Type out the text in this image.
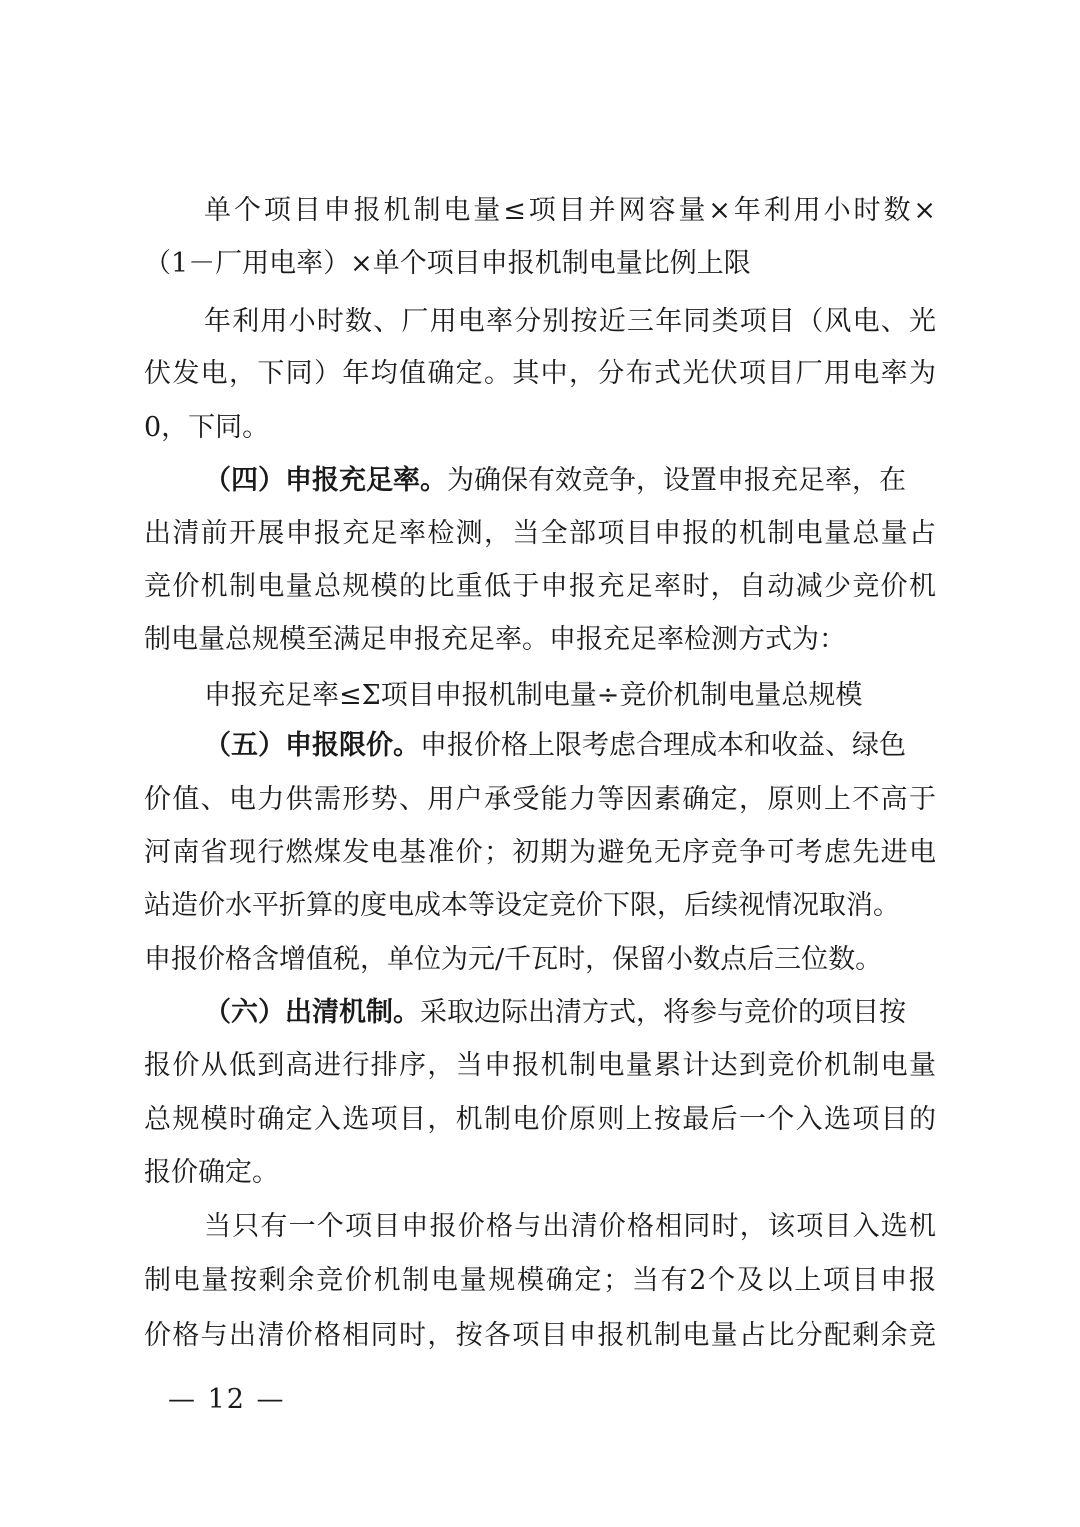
单个项目申报机制电量≤项目并网容量×年利用小时数×
（1－厂用电率）×单个项目申报机制电量比例上限
年利用小时数、厂用电率分别按近三年同类项目（风电、光
伏发电，下同）年均值确定。其中，分布式光伏项目厂用电率为
0，下同。
（四）申报充足率。为确保有效竞争，设置申报充足率，在
出清前开展申报充足率检测，当全部项目申报的机制电量总量占
竞价机制电量总规模的比重低于申报充足率时，自动减少竞价机
制电量总规模至满足申报充足率。申报充足率检测方式为：
申报充足率≤Σ项目申报机制电量÷竞价机制电量总规模
（五）申报限价。申报价格上限考虑合理成本和收益、绿色
价值、电力供需形势、用户承受能力等因素确定，原则上不高于
河南省现行燃煤发电基准价；初期为避免无序竞争可考虑先进电
站造价水平折算的度电成本等设定竞价下限，后续视情况取消。
申报价格含增值税，单位为元/千瓦时，保留小数点后三位数。
（六）出清机制。采取边际出清方式，将参与竞价的项目按
报价从低到高进行排序，当申报机制电量累计达到竞价机制电量
总规模时确定入选项目，机制电价原则上按最后一个入选项目的
报价确定。
当只有一个项目申报价格与出清价格相同时，该项目入选机
制电量按剩余竞价机制电量规模确定；当有2个及以上项目申报
价格与出清价格相同时，按各项目申报机制电量占比分配剩余竞
— 12 —
